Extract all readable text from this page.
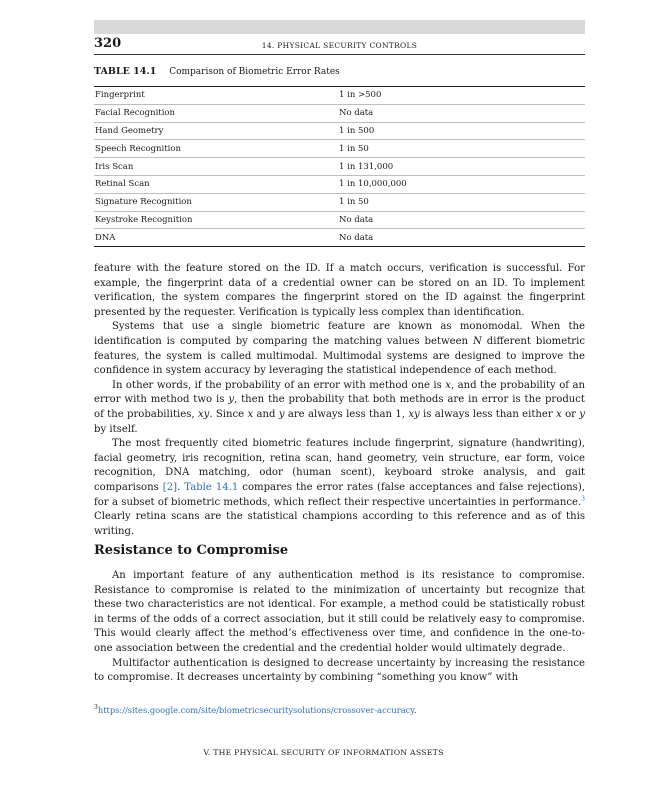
320	14. PHYSICAL SECURITY CONTROLS
TABLE 14.1 Comparison of Biometric Error Rates
Fingerprint	1 in >500
Facial Recognition	No data
Hand Geometry	1 in 500
Speech Recognition	1 in 50
Iris Scan	1 in 131,000
Retinal Scan	1 in 10,000,000
Signature Recognition	1 in 50
Keystroke Recognition	No data
DNA	No data

feature with the feature stored on the ID. If a match occurs, verification is successful. For example, the fingerprint data of a credential owner can be stored on an ID. To implement verification, the system compares the fingerprint stored on the ID against the fingerprint presented by the requester. Verification is typically less complex than identification.

Systems that use a single biometric feature are known as monomodal. When the identification is computed by comparing the matching values between N different biometric features, the system is called multimodal. Multimodal systems are designed to improve the confidence in system accuracy by leveraging the statistical independence of each method.

In other words, if the probability of an error with method one is x, and the probability of an error with method two is y, then the probability that both methods are in error is the product of the probabilities, xy. Since x and y are always less than 1, xy is always less than either x or y by itself.

The most frequently cited biometric features include fingerprint, signature (handwriting), facial geometry, iris recognition, retina scan, hand geometry, vein structure, ear form, voice recognition, DNA matching, odor (human scent), keyboard stroke analysis, and gait comparisons [2]. Table 14.1 compares the error rates (false acceptances and false rejections), for a subset of biometric methods, which reflect their respective uncertainties in performance.$^3$ Clearly retina scans are the statistical champions according to this reference and as of this writing.

Resistance to Compromise

An important feature of any authentication method is its resistance to compromise. Resistance to compromise is related to the minimization of uncertainty but recognize that these two characteristics are not identical. For example, a method could be statistically robust in terms of the odds of a correct association, but it still could be relatively easy to compromise. This would clearly affect the method’s effectiveness over time, and confidence in the one-to-one association between the credential and the credential holder would ultimately degrade.

Multifactor authentication is designed to decrease uncertainty by increasing the resistance to compromise. It decreases uncertainty by combining “something you know” with

$^3$https://sites.google.com/site/biometricsecuritysolutions/crossover-accuracy.
V. THE PHYSICAL SECURITY OF INFORMATION ASSETS
